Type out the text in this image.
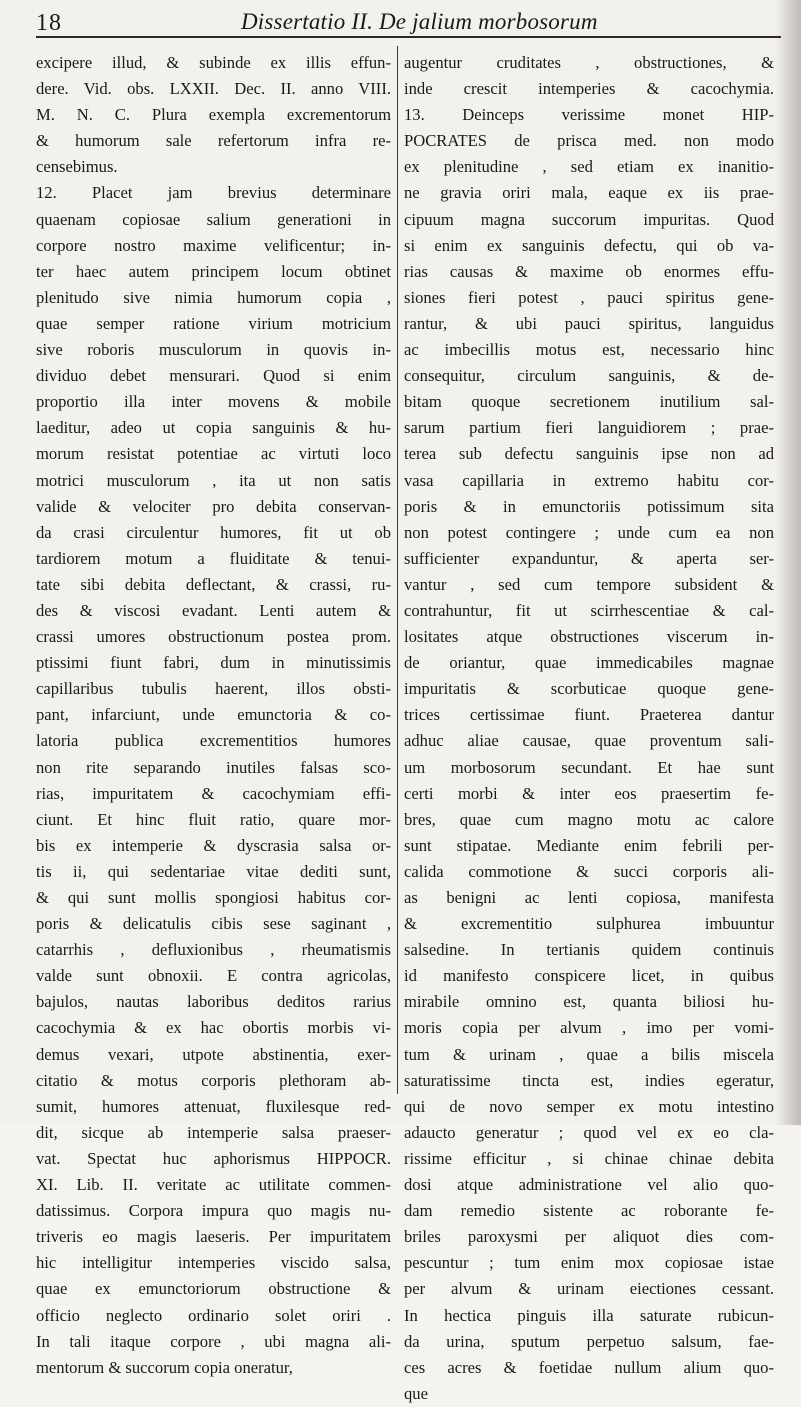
18	Dissertatio II. De jalium morbosorum
excipere illud, & subinde ex illis effun-
dere. Vid. obs. LXXII. Dec. II. anno VIII.
M. N. C. Plura exempla excrementorum
& humorum sale refertorum infra re-
censebimus.
12. Placet jam brevius determinare
quaenam copiosae salium generationi in
corpore nostro maxime velificentur; in-
ter haec autem principem locum obtinet
plenitudo sive nimia humorum copia ,
quae semper ratione virium motricium
sive roboris musculorum in quovis in-
dividuo debet mensurari. Quod si enim
proportio illa inter movens & mobile
laeditur, adeo ut copia sanguinis & hu-
morum resistat potentiae ac virtuti loco
motrici musculorum , ita ut non satis
valide & velociter pro debita conservan-
da crasi circulentur humores, fit ut ob
tardiorem motum a fluiditate & tenui-
tate sibi debita deflectant, & crassi, ru-
des & viscosi evadant. Lenti autem &
crassi umores obstructionum postea prom.
ptissimi fiunt fabri, dum in minutissimis
capillaribus tubulis haerent, illos obsti-
pant, infarciunt, unde emunctoria & co-
latoria publica excrementitios humores
non rite separando inutiles falsas sco-
rias, impuritatem & cacochymiam effi-
ciunt. Et hinc fluit ratio, quare mor-
bis ex intemperie & dyscrasia salsa or-
tis ii, qui sedentariae vitae dediti sunt,
& qui sunt mollis spongiosi habitus cor-
poris & delicatulis cibis sese saginant ,
catarrhis , defluxionibus , rheumatismis
valde sunt obnoxii. E contra agricolas,
bajulos, nautas laboribus deditos rarius
cacochymia & ex hac obortis morbis vi-
demus vexari, utpote abstinentia, exer-
citatio & motus corporis plethoram ab-
sumit, humores attenuat, fluxilesque red-
dit, sicque ab intemperie salsa praeser-
vat. Spectat huc aphorismus HIPPOCR.
XI. Lib. II. veritate ac utilitate commen-
datissimus. Corpora impura quo magis nu-
triveris eo magis laeseris. Per impuritatem
hic intelligitur intemperies viscido salsa,
quae ex emunctoriorum obstructione &
officio neglecto ordinario solet oriri .
In tali itaque corpore , ubi magna ali-
mentorum & succorum copia oneratur,
augentur cruditates , obstructiones, &
inde crescit intemperies & cacochymia.
13. Deinceps verissime monet HIP-
POCRATES de prisca med. non modo
ex plenitudine , sed etiam ex inanitio-
ne gravia oriri mala, eaque ex iis prae-
cipuum magna succorum impuritas. Quod
si enim ex sanguinis defectu, qui ob va-
rias causas & maxime ob enormes effu-
siones fieri potest , pauci spiritus gene-
rantur, & ubi pauci spiritus, languidus
ac imbecillis motus est, necessario hinc
consequitur, circulum sanguinis, & de-
bitam quoque secretionem inutilium sal-
sarum partium fieri languidiorem ; prae-
terea sub defectu sanguinis ipse non ad
vasa capillaria in extremo habitu cor-
poris & in emunctoriis potissimum sita
non potest contingere ; unde cum ea non
sufficienter expanduntur, & aperta ser-
vantur , sed cum tempore subsident &
contrahuntur, fit ut scirrhescentiae & cal-
lositates atque obstructiones viscerum in-
de oriantur, quae immedicabiles magnae
impuritatis & scorbuticae quoque gene-
trices certissimae fiunt. Praeterea dantur
adhuc aliae causae, quae proventum sali-
um morbosorum secundant. Et hae sunt
certi morbi & inter eos praesertim fe-
bres, quae cum magno motu ac calore
sunt stipatae. Mediante enim febrili per-
calida commotione & succi corporis ali-
as benigni ac lenti copiosa, manifesta
& excrementitio sulphurea imbuuntur
salsedine. In tertianis quidem continuis
id manifesto conspicere licet, in quibus
mirabile omnino est, quanta biliosi hu-
moris copia per alvum , imo per vomi-
tum & urinam , quae a bilis miscela
saturatissime tincta est, indies egeratur,
qui de novo semper ex motu intestino
adaucto generatur ; quod vel ex eo cla-
rissime efficitur , si chinae chinae debita
dosi atque administratione vel alio quo-
dam remedio sistente ac roborante fe-
briles paroxysmi per aliquot dies com-
pescuntur ; tum enim mox copiosae istae
per alvum & urinam eiectiones cessant.
In hectica pinguis illa saturate rubicun-
da urina, sputum perpetuo salsum, fae-
ces acres & foetidae nullum alium quo-
que
